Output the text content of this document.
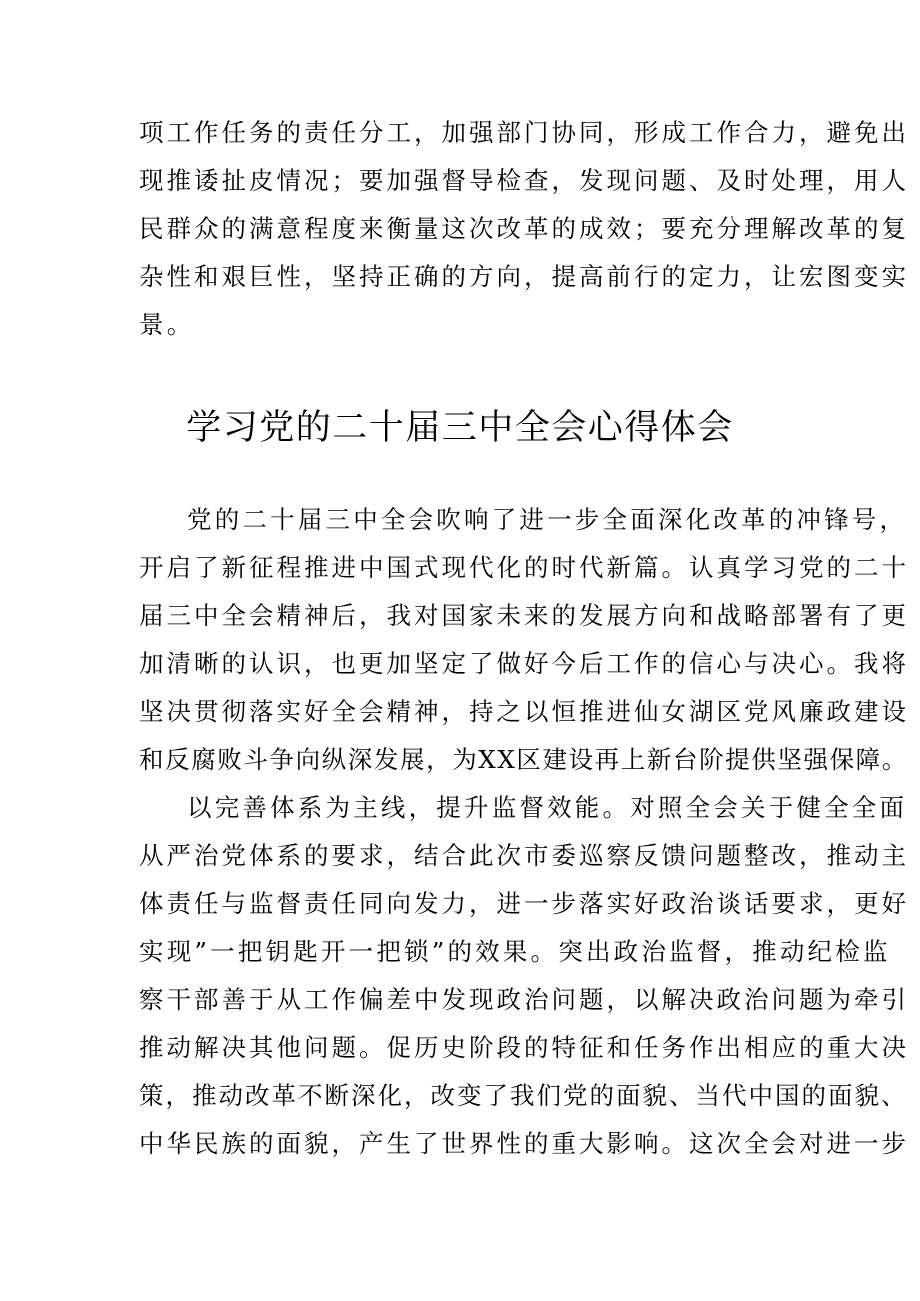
项工作任务的责任分工，加强部门协同，形成工作合力，避免出
现推诿扯皮情况；要加强督导检查，发现问题、及时处理，用人
民群众的满意程度来衡量这次改革的成效；要充分理解改革的复
杂性和艰巨性，坚持正确的方向，提高前行的定力，让宏图变实
景。
学习党的二十届三中全会心得体会
党的二十届三中全会吹响了进一步全面深化改革的冲锋号，
开启了新征程推进中国式现代化的时代新篇。认真学习党的二十
届三中全会精神后，我对国家未来的发展方向和战略部署有了更
加清晰的认识，也更加坚定了做好今后工作的信心与决心。我将
坚决贯彻落实好全会精神，持之以恒推进仙女湖区党风廉政建设
和反腐败斗争向纵深发展，为XX区建设再上新台阶提供坚强保障。
以完善体系为主线，提升监督效能。对照全会关于健全全面
从严治党体系的要求，结合此次市委巡察反馈问题整改，推动主
体责任与监督责任同向发力，进一步落实好政治谈话要求，更好
实现”一把钥匙开一把锁”的效果。突出政治监督，推动纪检监
察干部善于从工作偏差中发现政治问题，以解决政治问题为牵引
推动解决其他问题。促历史阶段的特征和任务作出相应的重大决
策，推动改革不断深化，改变了我们党的面貌、当代中国的面貌、
中华民族的面貌，产生了世界性的重大影响。这次全会对进一步
